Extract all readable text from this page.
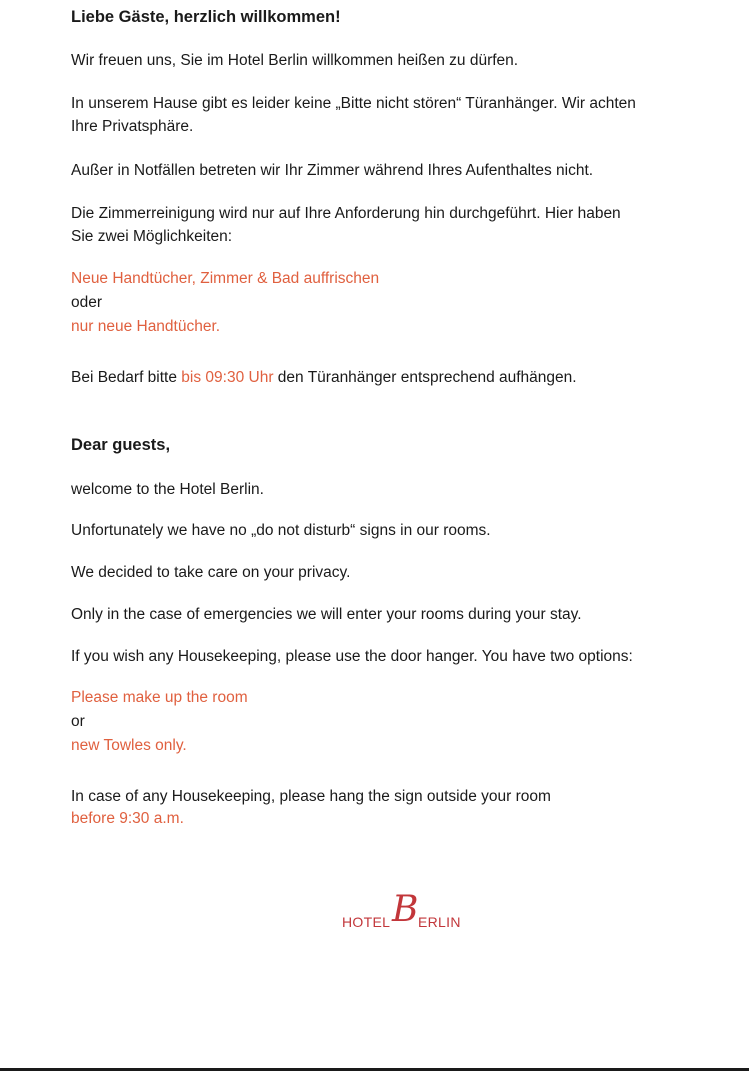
Liebe Gäste, herzlich willkommen!
Wir freuen uns, Sie im Hotel Berlin willkommen heißen zu dürfen.
In unserem Hause gibt es leider keine „Bitte nicht stören“ Türanhänger. Wir achten
Ihre Privatsphäre.
Außer in Notfällen betreten wir Ihr Zimmer während Ihres Aufenthaltes nicht.
Die Zimmerreinigung wird nur auf Ihre Anforderung hin durchgeführt. Hier haben
Sie zwei Möglichkeiten:
Neue Handtücher, Zimmer & Bad auffrischen
oder
nur neue Handtücher.
Bei Bedarf bitte bis 09:30 Uhr den Türanhänger entsprechend aufhängen.
Dear guests,
welcome to the Hotel Berlin.
Unfortunately we have no „do not disturb“ signs in our rooms.
We decided to take care on your privacy.
Only in the case of emergencies we will enter your rooms during your stay.
If you wish any Housekeeping, please use the door hanger. You have two options:
Please make up the room
or
new Towles only.
In case of any Housekeeping, please hang the sign outside your room
before 9:30 a.m.
HOTEL B ERLIN
